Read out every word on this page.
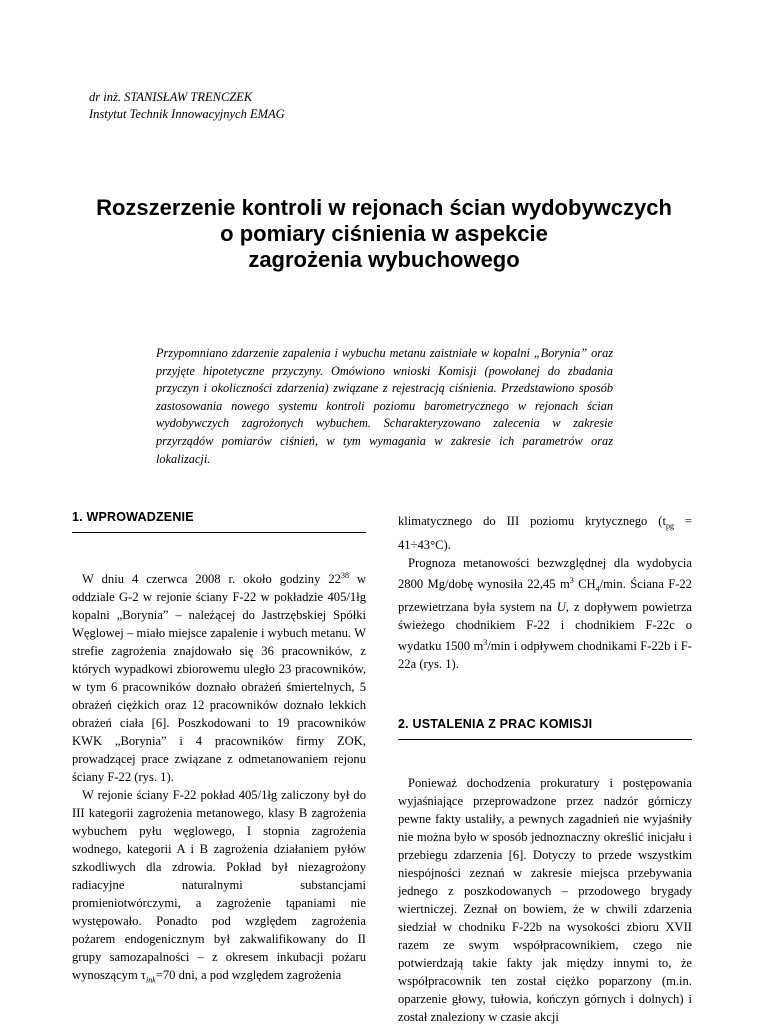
dr inż. STANISŁAW TRENCZEK
Instytut Technik Innowacyjnych EMAG
Rozszerzenie kontroli w rejonach ścian wydobywczych
o pomiary ciśnienia w aspekcie
zagrożenia wybuchowego
Przypomniano zdarzenie zapalenia i wybuchu metanu zaistniałe w kopalni „Borynia” oraz przyjęte hipotetyczne przyczyny. Omówiono wnioski Komisji (powołanej do zbadania przyczyn i okoliczności zdarzenia) związane z rejestracją ciśnienia. Przedstawiono sposób zastosowania nowego systemu kontroli poziomu barometrycznego w rejonach ścian wydobywczych zagrożonych wybuchem. Scharakteryzowano zalecenia w zakresie przyrządów pomiarów ciśnień, w tym wymagania w zakresie ich parametrów oraz lokalizacji.
1. WPROWADZENIE

W dniu 4 czerwca 2008 r. około godziny $22^{38}$ w oddziale G-2 w rejonie ściany F-22 w pokładzie 405/1łg kopalni „Borynia” – należącej do Jastrzębskiej Spółki Węglowej – miało miejsce zapalenie i wybuch metanu. W strefie zagrożenia znajdowało się 36 pracowników, z których wypadkowi zbiorowemu uległo 23 pracowników, w tym 6 pracowników doznało obrażeń śmiertelnych, 5 obrażeń ciężkich oraz 12 pracowników doznało lekkich obrażeń ciała [6]. Poszkodowani to 19 pracowników KWK „Borynia” i 4 pracowników firmy ZOK, prowadzącej prace związane z odmetanowaniem rejonu ściany F-22 (rys. 1).

W rejonie ściany F-22 pokład 405/1łg zaliczony był do III kategorii zagrożenia metanowego, klasy B zagrożenia wybuchem pyłu węglowego, I stopnia zagrożenia wodnego, kategorii A i B zagrożenia działaniem pyłów szkodliwych dla zdrowia. Pokład był niezagrożony radiacyjne naturalnymi substancjami promieniotwórczymi, a zagrożenie tąpaniami nie występowało. Ponadto pod względem zagrożenia pożarem endogenicznym był zakwalifikowany do II grupy samozapalności – z okresem inkubacji pożaru wynoszącym $\tau_{ink}=70$ dni, a pod względem zagrożenia

klimatycznego do III poziomu krytycznego $(t_{pg} = 41\div 43^\circ C)$.

Prognoza metanowości bezwzględnej dla wydobycia 2800 Mg/dobę wynosiła 22,45 $m^3$ $CH_4/\min$. Ściana F-22 przewietrzana była system na U, z dopływem powietrza świeżego chodnikiem F-22 i chodnikiem F-22c o wydatku 1500 $m^3/\min$ i odpływem chodnikami F-22b i F-22a (rys. 1).

2. USTALENIA Z PRAC KOMISJI

Ponieważ dochodzenia prokuratury i postępowania wyjaśniające przeprowadzone przez nadzór górniczy pewne fakty ustaliły, a pewnych zagadnień nie wyjaśniły nie można było w sposób jednoznaczny określić inicjału i przebiegu zdarzenia [6]. Dotyczy to przede wszystkim niespójności zeznań w zakresie miejsca przebywania jednego z poszkodowanych – przodowego brygady wiertniczej. Zeznał on bowiem, że w chwili zdarzenia siedział w chodniku F-22b na wysokości zbioru XVII razem ze swym współpracownikiem, czego nie potwierdzają takie fakty jak między innymi to, że współpracownik ten został ciężko poparzony (m.in. oparzenie głowy, tułowia, kończyn górnych i dolnych) i został znaleziony w czasie akcji
